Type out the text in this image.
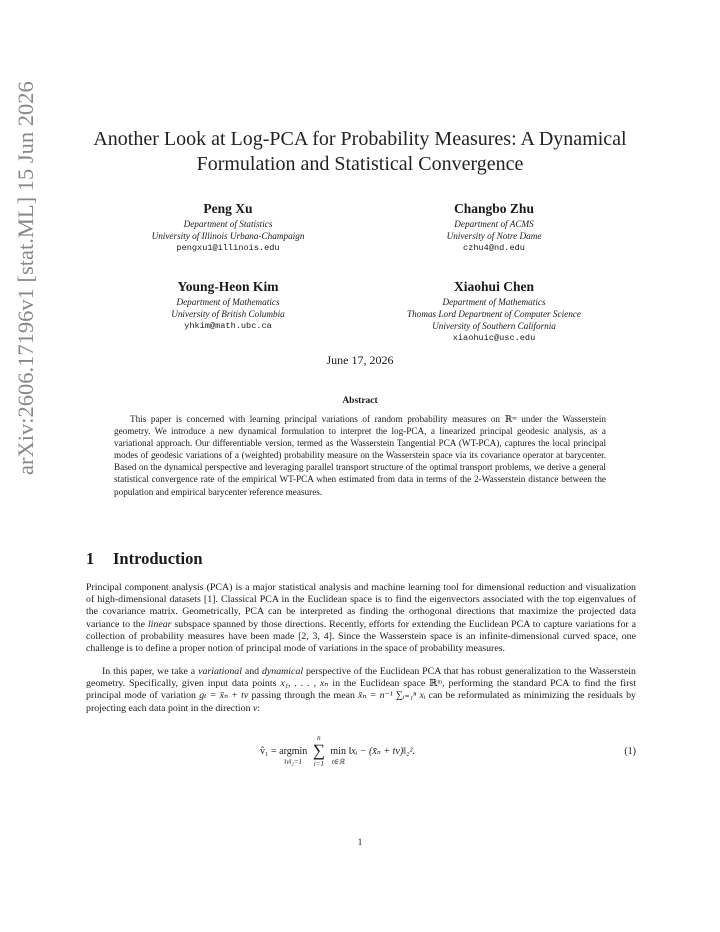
arXiv:2606.17196v1 [stat.ML] 15 Jun 2026	Another Look at Log-PCA for Probability Measures: A Dynamical
Formulation and Statistical Convergence
Peng Xu
Department of Statistics
University of Illinois Urbana-Champaign
pengxu1@illinois.edu
Changbo Zhu
Department of ACMS
University of Notre Dame
czhu4@nd.edu
Young-Heon Kim
Department of Mathematics
University of British Columbia
yhkim@math.ubc.ca
Xiaohui Chen
Department of Mathematics
Thomas Lord Department of Computer Science
University of Southern California
xiaohuic@usc.edu
June 17, 2026
Abstract
This paper is concerned with learning principal variations of random probability measures on ℝᵐ under the Wasserstein geometry. We introduce a new dynamical formulation to interpret the log-PCA, a linearized principal geodesic analysis, as a variational approach. Our differentiable version, termed as the Wasserstein Tangential PCA (WT-PCA), captures the local principal modes of geodesic variations of a (weighted) probability measure on the Wasserstein space via its covariance operator at barycenter. Based on the dynamical perspective and leveraging parallel transport structure of the optimal transport problems, we derive a general statistical convergence rate of the empirical WT-PCA when estimated from data in terms of the 2-Wasserstein distance between the population and empirical barycenter reference measures.
1 Introduction
Principal component analysis (PCA) is a major statistical analysis and machine learning tool for dimensional reduction and visualization of high-dimensional datasets [1]. Classical PCA in the Euclidean space is to find the eigenvectors associated with the top eigenvalues of the covariance matrix. Geometrically, PCA can be interpreted as finding the orthogonal directions that maximize the projected data variance to the linear subspace spanned by those directions. Recently, efforts for extending the Euclidean PCA to capture variations for a collection of probability measures have been made [2, 3, 4]. Since the Wasserstein space is an infinite-dimensional curved space, one challenge is to define a proper notion of principal mode of variations in the space of probability measures.
In this paper, we take a variational and dynamical perspective of the Euclidean PCA that has robust generalization to the Wasserstein geometry. Specifically, given input data points x₁, . . . , xₙ in the Euclidean space ℝᵐ, performing the standard PCA to find the first principal mode of variation gₜ = x̄ₙ + tv passing through the mean x̄ₙ = n⁻¹ ∑ᵢ₌₁ⁿ xᵢ can be reformulated as minimizing the residuals by projecting each data point in the direction v:
v̂₁ = argmin
‖v‖₂=1

n
∑
i=1

min
t∈ℝ
‖xᵢ − (x̄ₙ + tv)‖₂².	(1)
1
